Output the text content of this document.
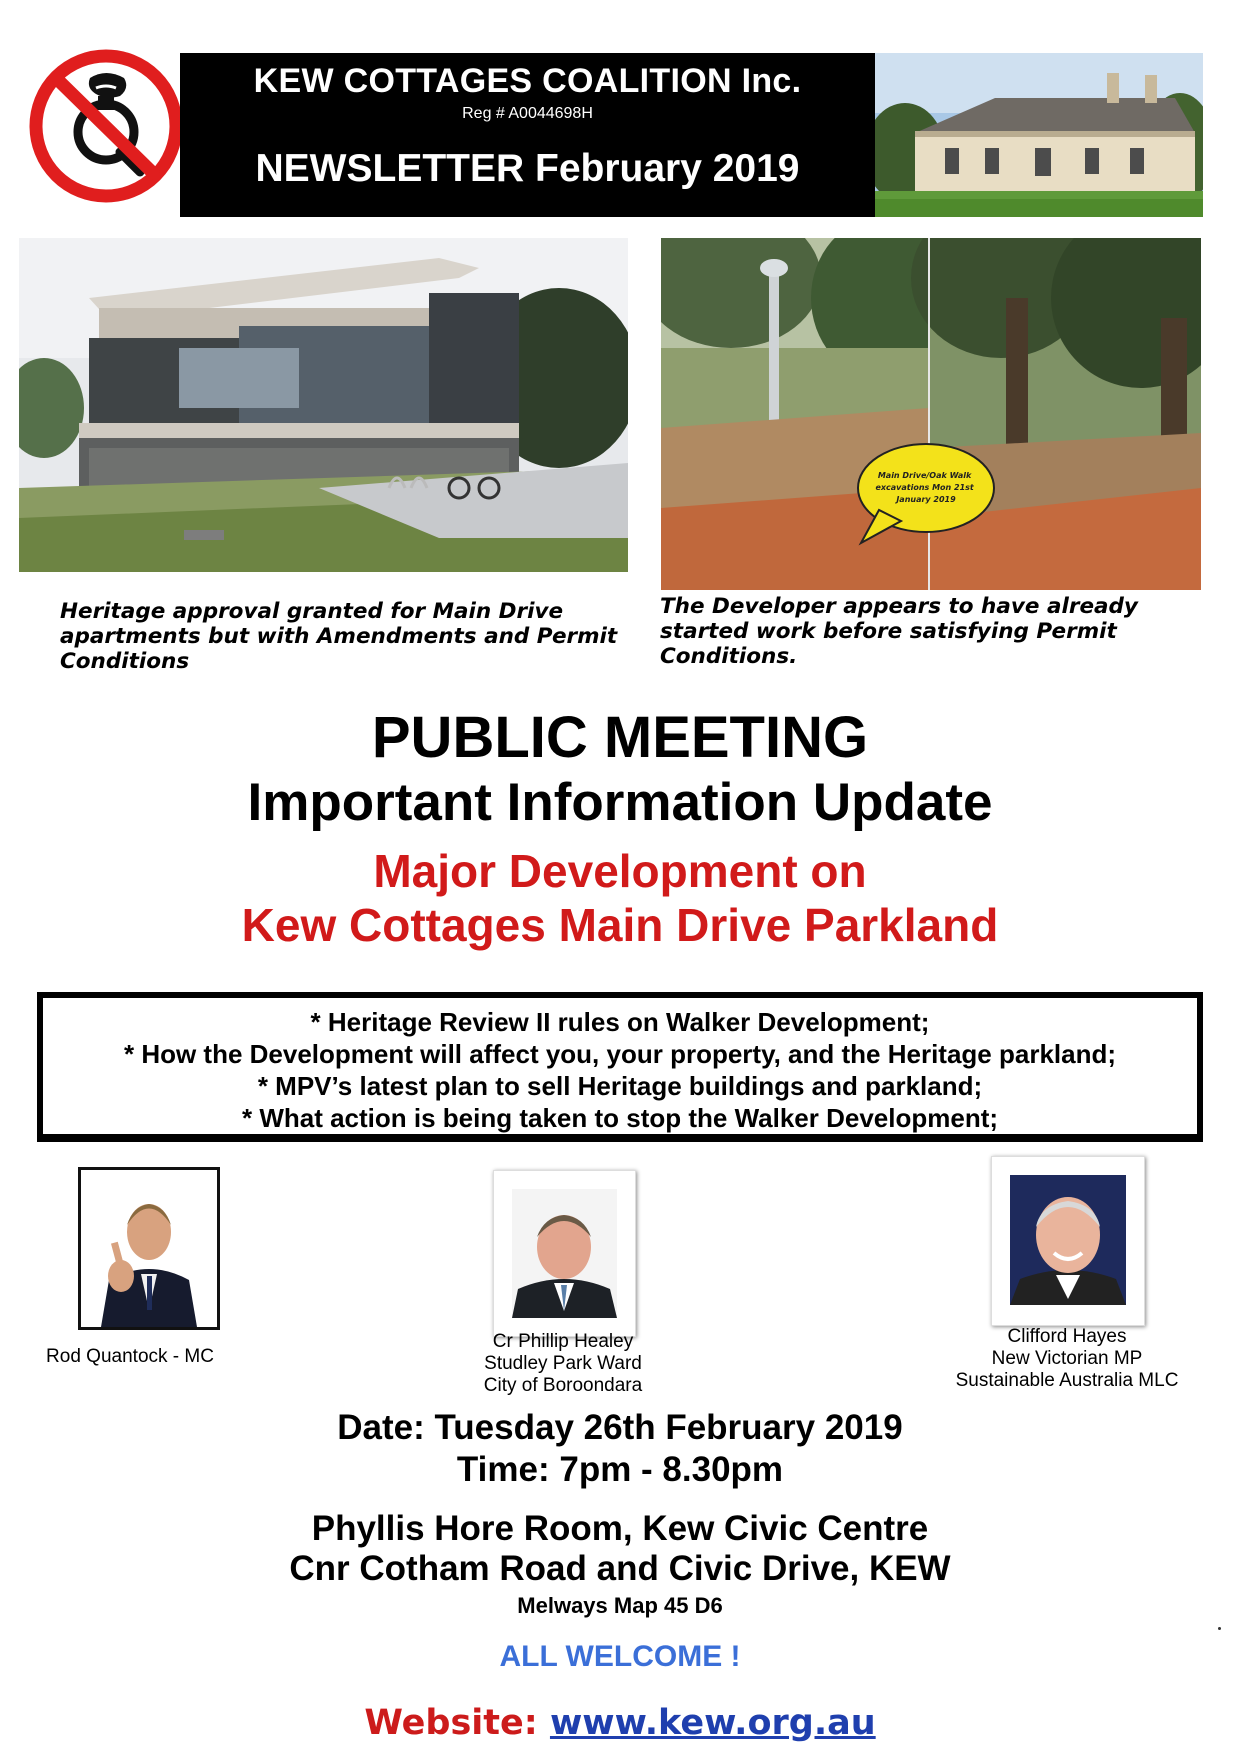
KEW COTTAGES COALITION Inc.
Reg # A0044698H
NEWSLETTER February 2019
Main Drive/Oak Walk excavations Mon 21st January 2019
Heritage approval granted for Main Drive apartments but with Amendments and Permit Conditions
The Developer appears to have already started work before satisfying Permit Conditions.
PUBLIC MEETING
Important Information Update
Major Development on
Kew Cottages Main Drive Parkland
* Heritage Review II rules on Walker Development;
* How the Development will affect you, your property, and the Heritage parkland;
* MPV’s latest plan to sell Heritage buildings and parkland;
* What action is being taken to stop the Walker Development;
Rod Quantock - MC
Cr Phillip Healey
Studley Park Ward
City of Boroondara
Clifford Hayes
New Victorian MP
Sustainable Australia MLC
Date: Tuesday 26th February 2019
Time: 7pm - 8.30pm
Phyllis Hore Room, Kew Civic Centre
Cnr Cotham Road and Civic Drive, KEW
Melways Map 45 D6
ALL WELCOME !
Website: www.kew.org.au
